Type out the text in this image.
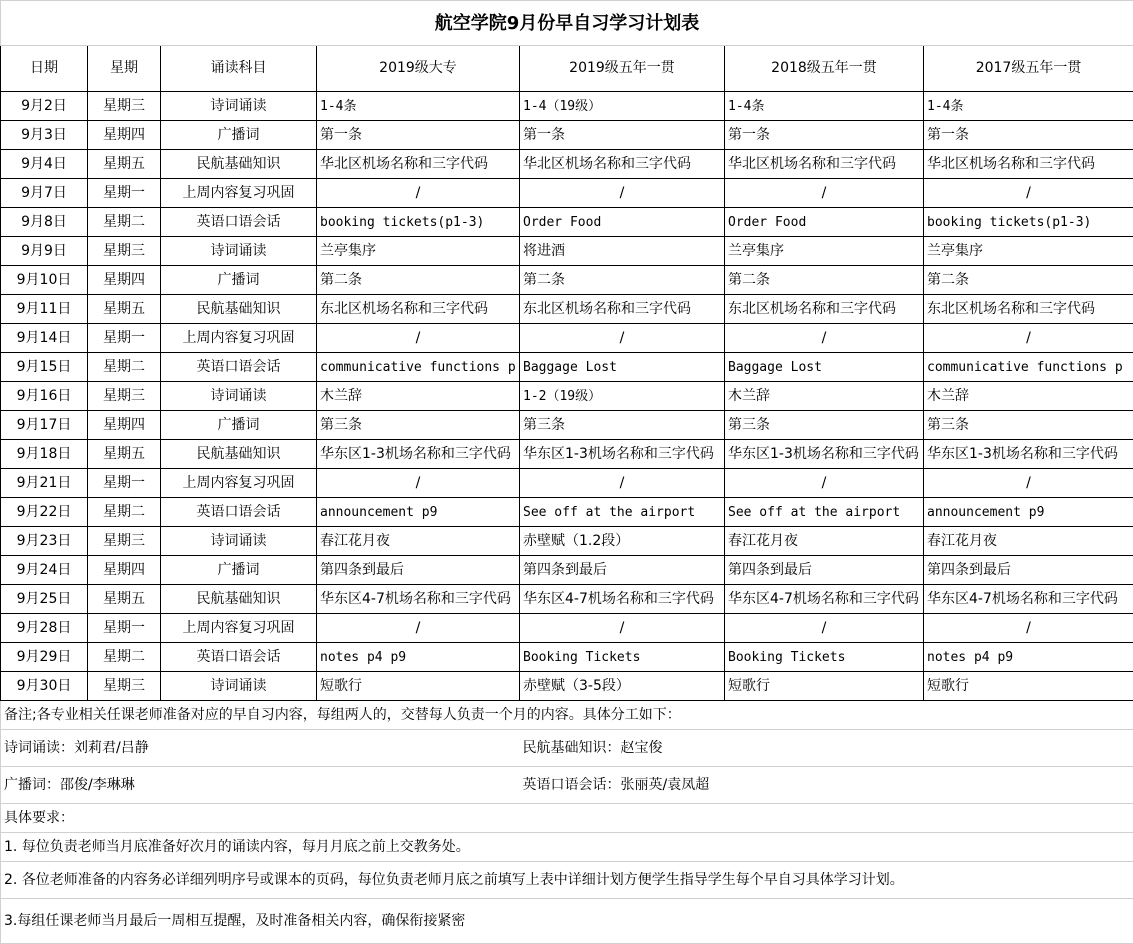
航空学院9月份早自习学习计划表						
日期	星期	诵读科目	2019级大专	2019级五年一贯	2018级五年一贯	2017级五年一贯
9月2日	星期三	诗词诵读	1-4条	1-4（19级）	1-4条	1-4条
9月3日	星期四	广播词	第一条	第一条	第一条	第一条
9月4日	星期五	民航基础知识	华北区机场名称和三字代码	华北区机场名称和三字代码	华北区机场名称和三字代码	华北区机场名称和三字代码
9月7日	星期一	上周内容复习巩固	/	/	/	/
9月8日	星期二	英语口语会话	booking tickets(p1-3)	Order Food	Order Food	booking tickets(p1-3)
9月9日	星期三	诗词诵读	兰亭集序	将进酒	兰亭集序	兰亭集序
9月10日	星期四	广播词	第二条	第二条	第二条	第二条
9月11日	星期五	民航基础知识	东北区机场名称和三字代码	东北区机场名称和三字代码	东北区机场名称和三字代码	东北区机场名称和三字代码
9月14日	星期一	上周内容复习巩固	/	/	/	/
9月15日	星期二	英语口语会话	communicative functions p	Baggage Lost	Baggage Lost	communicative functions p
9月16日	星期三	诗词诵读	木兰辞	1-2（19级）	木兰辞	木兰辞
9月17日	星期四	广播词	第三条	第三条	第三条	第三条
9月18日	星期五	民航基础知识	华东区1-3机场名称和三字代码	华东区1-3机场名称和三字代码	华东区1-3机场名称和三字代码	华东区1-3机场名称和三字代码
9月21日	星期一	上周内容复习巩固	/	/	/	/
9月22日	星期二	英语口语会话	announcement p9	See off at the airport	See off at the airport	announcement p9
9月23日	星期三	诗词诵读	春江花月夜	赤壁赋（1.2段）	春江花月夜	春江花月夜
9月24日	星期四	广播词	第四条到最后	第四条到最后	第四条到最后	第四条到最后
9月25日	星期五	民航基础知识	华东区4-7机场名称和三字代码	华东区4-7机场名称和三字代码	华东区4-7机场名称和三字代码	华东区4-7机场名称和三字代码
9月28日	星期一	上周内容复习巩固	/	/	/	/
9月29日	星期二	英语口语会话	notes p4 p9	Booking Tickets	Booking Tickets	notes p4 p9
9月30日	星期三	诗词诵读	短歌行	赤壁赋（3-5段）	短歌行	短歌行
备注;各专业相关任课老师准备对应的早自习内容，每组两人的，交替每人负责一个月的内容。具体分工如下：						
诗词诵读：刘莉君/吕静				民航基础知识：赵宝俊		
广播词：邵俊/李琳琳				英语口语会话：张丽英/袁凤超		
具体要求：						
1. 每位负责老师当月底准备好次月的诵读内容，每月月底之前上交教务处。						
2. 各位老师准备的内容务必详细列明序号或课本的页码，每位负责老师月底之前填写上表中详细计划方便学生指导学生每个早自习具体学习计划。						
3.每组任课老师当月最后一周相互提醒，及时准备相关内容，确保衔接紧密						
